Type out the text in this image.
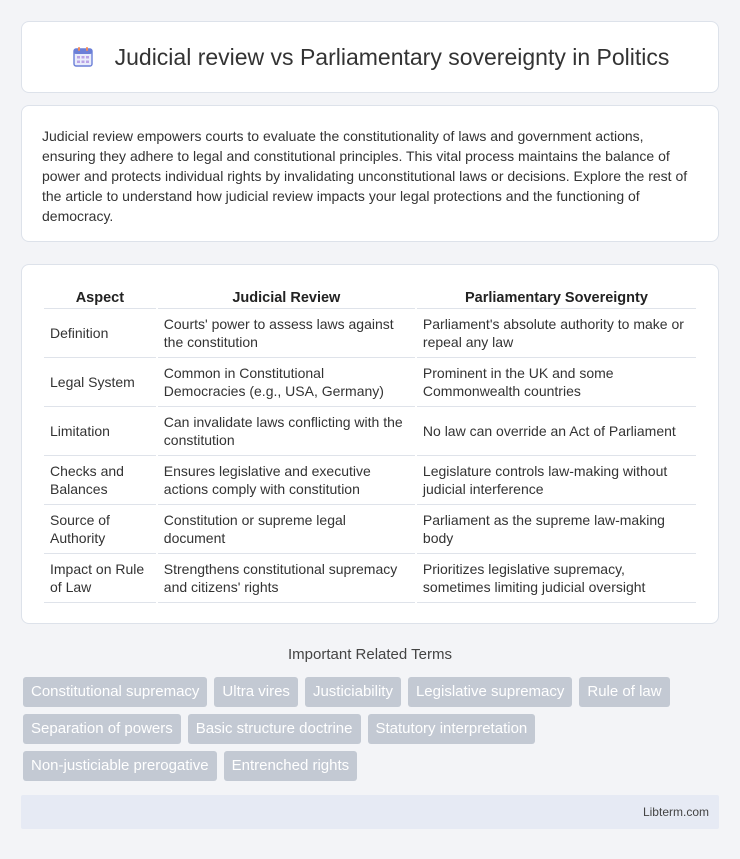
Judicial review vs Parliamentary sovereignty in Politics

Judicial review empowers courts to evaluate the constitutionality of laws and government actions, ensuring they adhere to legal and constitutional principles. This vital process maintains the balance of power and protects individual rights by invalidating unconstitutional laws or decisions. Explore the rest of the article to understand how judicial review impacts your legal protections and the functioning of democracy.

Aspect	Judicial Review	Parliamentary Sovereignty
Definition	Courts' power to assess laws against the constitution	Parliament's absolute authority to make or repeal any law
Legal System	Common in Constitutional Democracies (e.g., USA, Germany)	Prominent in the UK and some Commonwealth countries
Limitation	Can invalidate laws conflicting with the constitution	No law can override an Act of Parliament
Checks and Balances	Ensures legislative and executive actions comply with constitution	Legislature controls law-making without judicial interference
Source of Authority	Constitution or supreme legal document	Parliament as the supreme law-making body
Impact on Rule of Law	Strengthens constitutional supremacy and citizens' rights	Prioritizes legislative supremacy, sometimes limiting judicial oversight
Important Related Terms
Constitutional supremacy	Ultra vires	Justiciability	Legislative supremacy	Rule of law
Separation of powers	Basic structure doctrine	Statutory interpretation
Non-justiciable prerogative	Entrenched rights
Libterm.com
